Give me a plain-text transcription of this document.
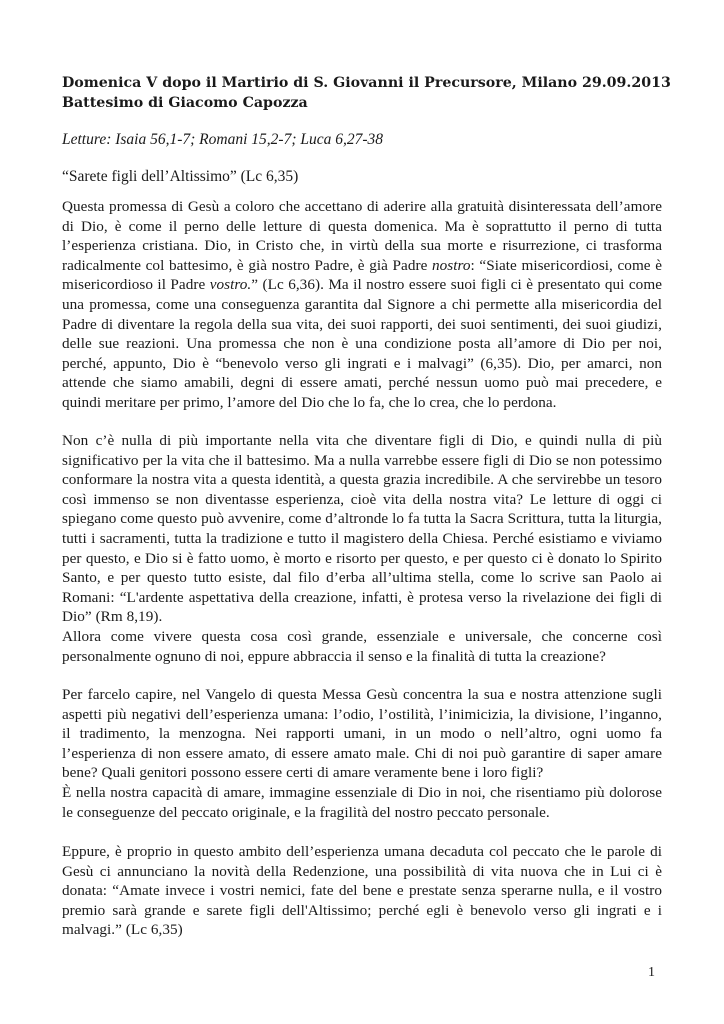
Domenica V dopo il Martirio di S. Giovanni il Precursore, Milano 29.09.2013
Battesimo di Giacomo Capozza
Letture: Isaia 56,1-7; Romani 15,2-7; Luca 6,27-38
“Sarete figli dell’Altissimo” (Lc 6,35)

Questa promessa di Gesù a coloro che accettano di aderire alla gratuità disinteressata dell’amore di Dio, è come il perno delle letture di questa domenica. Ma è soprattutto il perno di tutta l’esperienza cristiana. Dio, in Cristo che, in virtù della sua morte e risurrezione, ci trasforma radicalmente col battesimo, è già nostro Padre, è già Padre nostro: “Siate misericordiosi, come è misericordioso il Padre vostro.” (Lc 6,36). Ma il nostro essere suoi figli ci è presentato qui come una promessa, come una conseguenza garantita dal Signore a chi permette alla misericordia del Padre di diventare la regola della sua vita, dei suoi rapporti, dei suoi sentimenti, dei suoi giudizi, delle sue reazioni. Una promessa che non è una condizione posta all’amore di Dio per noi, perché, appunto, Dio è “benevolo verso gli ingrati e i malvagi” (6,35). Dio, per amarci, non attende che siamo amabili, degni di essere amati, perché nessun uomo può mai precedere, e quindi meritare per primo, l’amore del Dio che lo fa, che lo crea, che lo perdona.

Non c’è nulla di più importante nella vita che diventare figli di Dio, e quindi nulla di più significativo per la vita che il battesimo. Ma a nulla varrebbe essere figli di Dio se non potessimo conformare la nostra vita a questa identità, a questa grazia incredibile. A che servirebbe un tesoro così immenso se non diventasse esperienza, cioè vita della nostra vita? Le letture di oggi ci spiegano come questo può avvenire, come d’altronde lo fa tutta la Sacra Scrittura, tutta la liturgia, tutti i sacramenti, tutta la tradizione e tutto il magistero della Chiesa. Perché esistiamo e viviamo per questo, e Dio si è fatto uomo, è morto e risorto per questo, e per questo ci è donato lo Spirito Santo, e per questo tutto esiste, dal filo d’erba all’ultima stella, come lo scrive san Paolo ai Romani: “L'ardente aspettativa della creazione, infatti, è protesa verso la rivelazione dei figli di Dio” (Rm 8,19).

Allora come vivere questa cosa così grande, essenziale e universale, che concerne così personalmente ognuno di noi, eppure abbraccia il senso e la finalità di tutta la creazione?

Per farcelo capire, nel Vangelo di questa Messa Gesù concentra la sua e nostra attenzione sugli aspetti più negativi dell’esperienza umana: l’odio, l’ostilità, l’inimicizia, la divisione, l’inganno, il tradimento, la menzogna. Nei rapporti umani, in un modo o nell’altro, ogni uomo fa l’esperienza di non essere amato, di essere amato male. Chi di noi può garantire di saper amare bene? Quali genitori possono essere certi di amare veramente bene i loro figli?

È nella nostra capacità di amare, immagine essenziale di Dio in noi, che risentiamo più dolorose le conseguenze del peccato originale, e la fragilità del nostro peccato personale.

Eppure, è proprio in questo ambito dell’esperienza umana decaduta col peccato che le parole di Gesù ci annunciano la novità della Redenzione, una possibilità di vita nuova che in Lui ci è donata: “Amate invece i vostri nemici, fate del bene e prestate senza sperarne nulla, e il vostro premio sarà grande e sarete figli dell'Altissimo; perché egli è benevolo verso gli ingrati e i malvagi.” (Lc 6,35)

1
